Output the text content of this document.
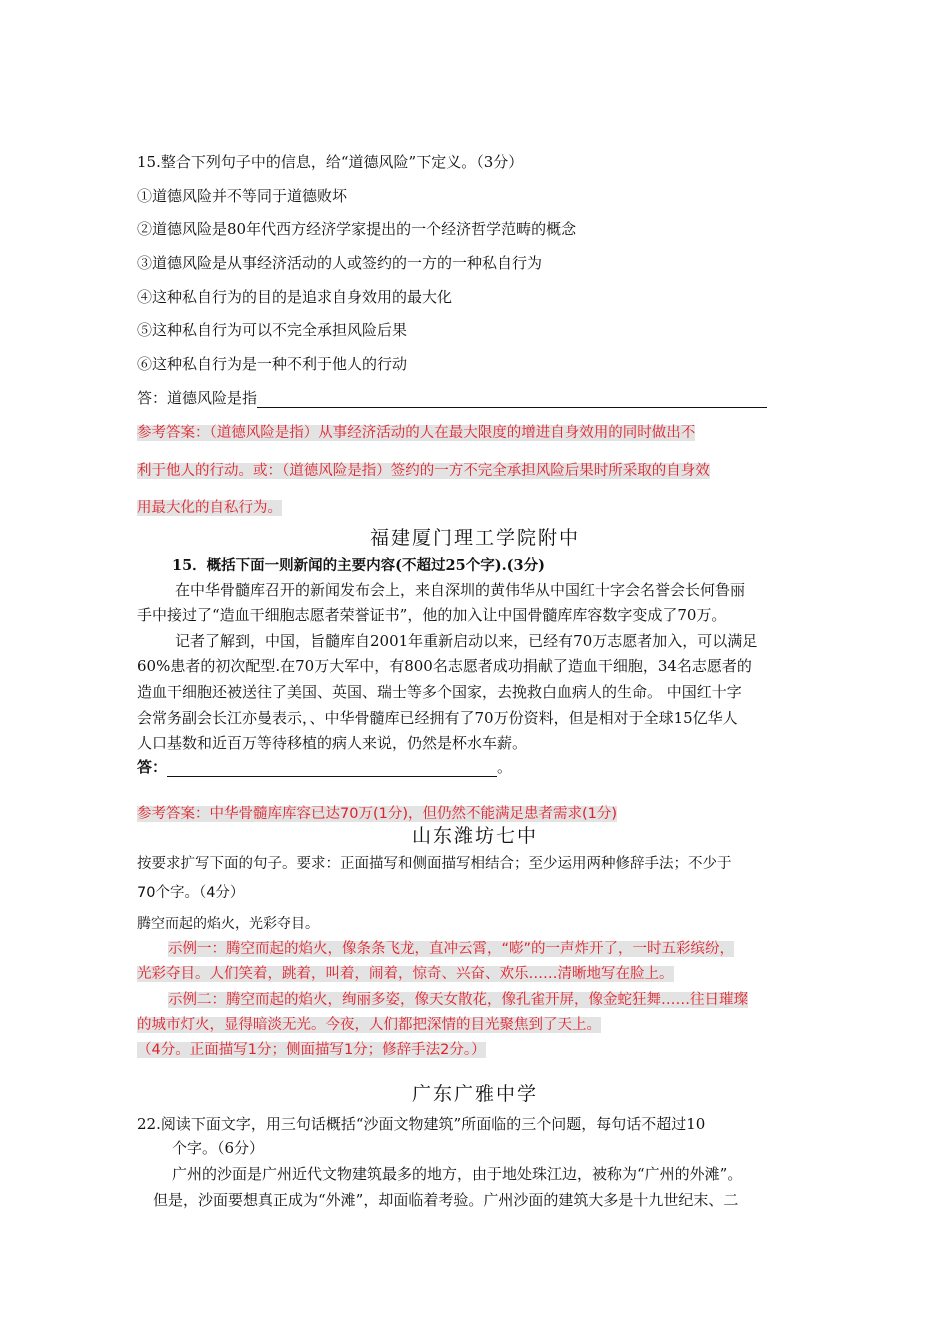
15.整合下列句子中的信息，给“道德风险”下定义。（3分）
①道德风险并不等同于道德败坏
②道德风险是80年代西方经济学家提出的一个经济哲学范畴的概念
③道德风险是从事经济活动的人或签约的一方的一种私自行为
④这种私自行为的目的是追求自身效用的最大化
⑤这种私自行为可以不完全承担风险后果
⑥这种私自行为是一种不利于他人的行动
答：道德风险是指
参考答案：（道德风险是指）从事经济活动的人在最大限度的增进自身效用的同时做出不
利于他人的行动。或：（道德风险是指）签约的一方不完全承担风险后果时所采取的自身效
用最大化的自私行为。
福建厦门理工学院附中
15．概括下面一则新闻的主要内容(不超过25个字).(3分)
在中华骨髓库召开的新闻发布会上，来自深圳的黄伟华从中国红十字会名誉会长何鲁丽
手中接过了“造血干细胞志愿者荣誉证书”，他的加入让中国骨髓库库容数字变成了70万。
记者了解到，中国，旨髓库自2001年重新启动以来，已经有70万志愿者加入，可以满足
60%患者的初次配型.在70万大军中，有800名志愿者成功捐献了造血干细胞，34名志愿者的
造血干细胞还被送往了美国、英国、瑞士等多个国家，去挽救白血病人的生命。 中国红十字
会常务副会长江亦曼表示，、中华骨髓库已经拥有了70万份资料，但是相对于全球15亿华人
人口基数和近百万等待移植的病人来说，仍然是杯水车薪。
答：	。
参考答案：中华骨髓库库容已达70万(1分)，但仍然不能满足患者需求(1分)
山东潍坊七中
按要求扩写下面的句子。要求：正面描写和侧面描写相结合；至少运用两种修辞手法；不少于
70个字。（4分）
腾空而起的焰火，光彩夺目。
示例一：腾空而起的焰火，像条条飞龙，直冲云霄，“嘭”的一声炸开了，一时五彩缤纷，
光彩夺目。人们笑着，跳着，叫着，闹着，惊奇、兴奋、欢乐……清晰地写在脸上。
示例二：腾空而起的焰火，绚丽多姿，像天女散花，像孔雀开屏，像金蛇狂舞……往日璀璨
的城市灯火，显得暗淡无光。今夜，人们都把深情的目光聚焦到了天上。
（4分。正面描写1分；侧面描写1分；修辞手法2分。）
广东广雅中学
22.阅读下面文字，用三句话概括“沙面文物建筑”所面临的三个问题，每句话不超过10
个字。（6分）
广州的沙面是广州近代文物建筑最多的地方，由于地处珠江边，被称为“广州的外滩”。
但是，沙面要想真正成为“外滩”，却面临着考验。广州沙面的建筑大多是十九世纪末、二
